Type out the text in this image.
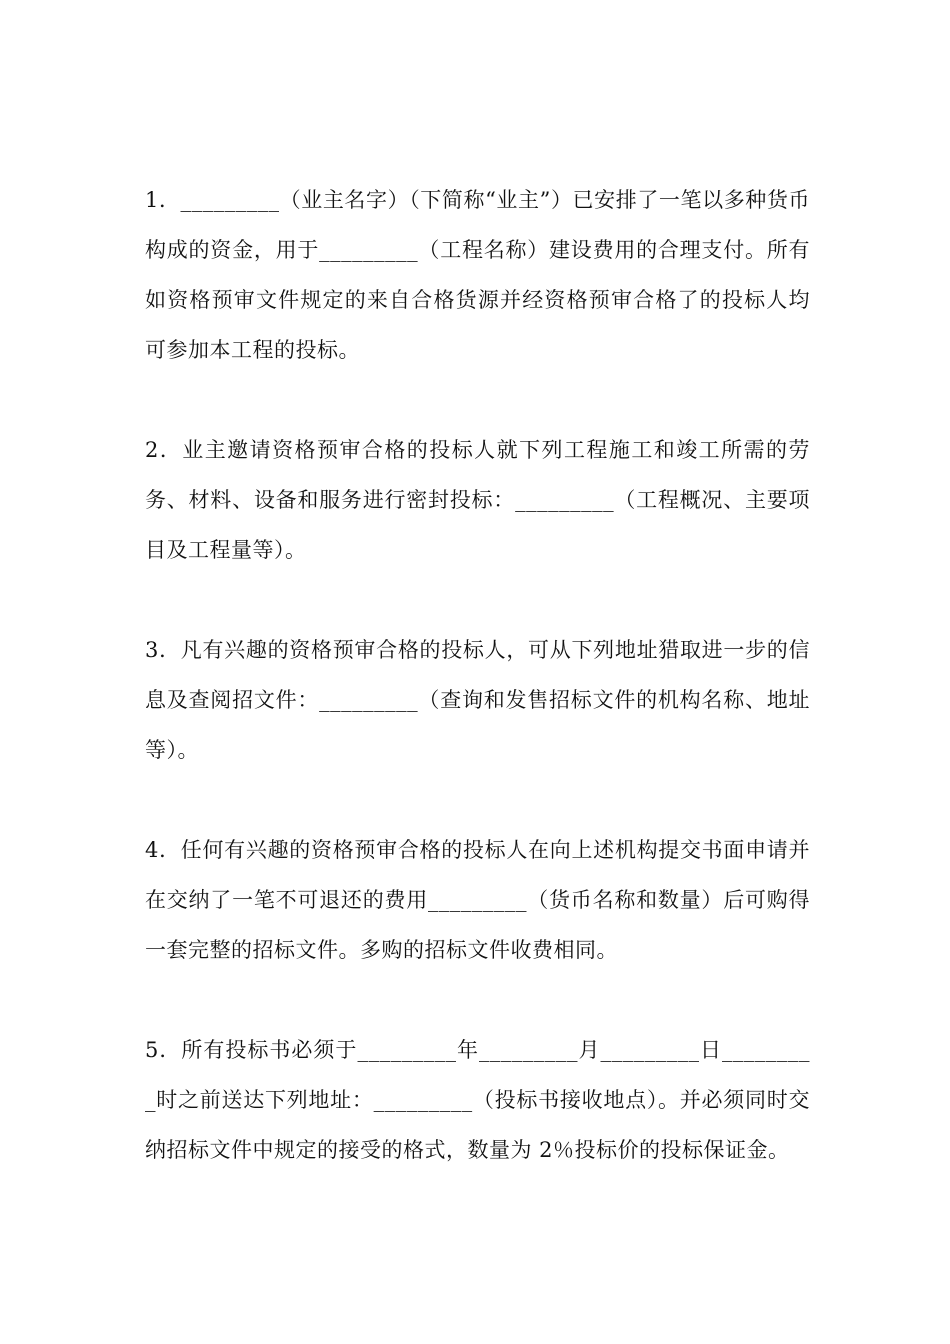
1．_________（业主名字）（下简称“业主”）已安排了一笔以多种货币构成的资金，用于_________（工程名称）建设费用的合理支付。所有如资格预审文件规定的来自合格货源并经资格预审合格了的投标人均可参加本工程的投标。

2．业主邀请资格预审合格的投标人就下列工程施工和竣工所需的劳务、材料、设备和服务进行密封投标：_________（工程概况、主要项目及工程量等）。

3．凡有兴趣的资格预审合格的投标人，可从下列地址猎取进一步的信息及查阅招文件：_________（查询和发售招标文件的机构名称、地址等）。

4．任何有兴趣的资格预审合格的投标人在向上述机构提交书面申请并在交纳了一笔不可退还的费用_________（货币名称和数量）后可购得一套完整的招标文件。多购的招标文件收费相同。

5．所有投标书必须于_________年_________月_________日_________时之前送达下列地址：_________（投标书接收地点）。并必须同时交纳招标文件中规定的接受的格式，数量为 2％投标价的投标保证金。
